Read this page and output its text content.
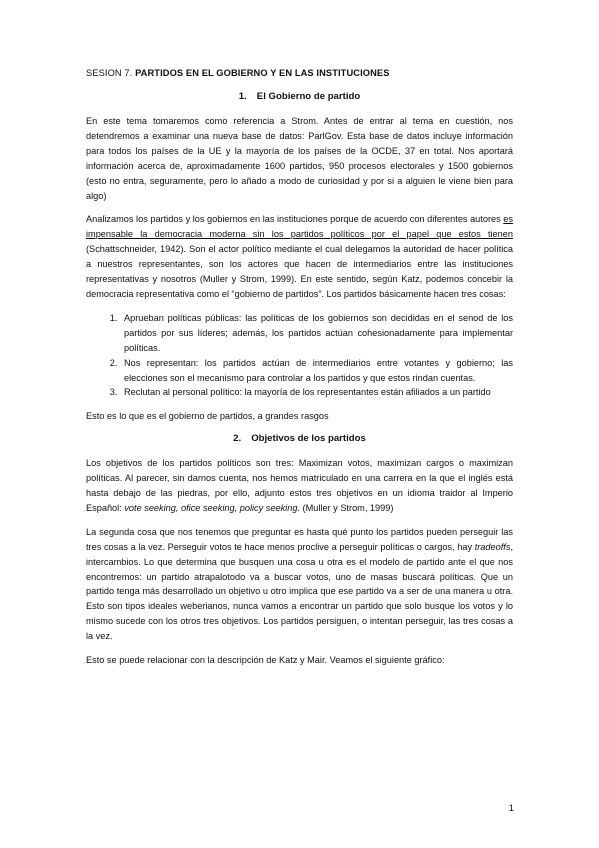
SESION 7. PARTIDOS EN EL GOBIERNO Y EN LAS INSTITUCIONES
1. El Gobierno de partido

En este tema tomaremos como referencia a Strom. Antes de entrar al tema en cuestión, nos detendremos a examinar una nueva base de datos: ParlGov. Esta base de datos incluye información para todos los países de la UE y la mayoría de los países de la OCDE, 37 en total. Nos aportará información acerca de, aproximadamente 1600 partidos, 950 procesos electorales y 1500 gobiernos (esto no entra, seguramente, pero lo añado a modo de curiosidad y por si a alguien le viene bien para algo)

Analizamos los partidos y los gobiernos en las instituciones porque de acuerdo con diferentes autores es impensable la democracia moderna sin los partidos políticos por el papel que estos tienen (Schattschneider, 1942). Son el actor político mediante el cual delegamos la autoridad de hacer política a nuestros representantes, son los actores que hacen de intermediarios entre las instituciones representativas y nosotros (Muller y Strom, 1999). En este sentido, según Katz, podemos concebir la democracia representativa como el “gobierno de partidos”. Los partidos básicamente hacen tres cosas:

1. Aprueban políticas públicas: las políticas de los gobiernos son decididas en el senod de los partidos por sus líderes; además, los partidos actúan cohesionadamente para implementar políticas.
2. Nos representan: los partidos actúan de intermediarios entre votantes y gobierno; las elecciones son el mecanismo para controlar a los partidos y que estos rindan cuentas.
3. Reclutan al personal político: la mayoría de los representantes están afiliados a un partido

Esto es lo que es el gobierno de partidos, a grandes rasgos

2. Objetivos de los partidos

Los objetivos de los partidos políticos son tres: Maximizan votos, maximizan cargos o maximizan políticas. Al parecer, sin darnos cuenta, nos hemos matriculado en una carrera en la que el inglés está hasta debajo de las piedras, por ello, adjunto estos tres objetivos en un idioma traidor al Imperio Español: vote seeking, ofice seeking, policy seeking. (Muller y Strom, 1999)

La segunda cosa que nos tenemos que preguntar es hasta qué punto los partidos pueden perseguir las tres cosas a la vez. Perseguir votos te hace menos proclive a perseguir políticas o cargos, hay tradeoffs, intercambios. Lo que determina que busquen una cosa u otra es el modelo de partido ante el que nos encontremos: un partido atrapalotodo va a buscar votos, uno de masas buscará políticas. Que un partido tenga más desarrollado un objetivo u otro implica que ese partido va a ser de una manera u otra. Esto son tipos ideales weberianos, nunca vamos a encontrar un partido que solo busque los votos y lo mismo sucede con los otros tres objetivos. Los partidos persiguen, o intentan perseguir, las tres cosas a la vez.

Esto se puede relacionar con la descripción de Katz y Mair. Veamos el siguiente gráfico:

1
